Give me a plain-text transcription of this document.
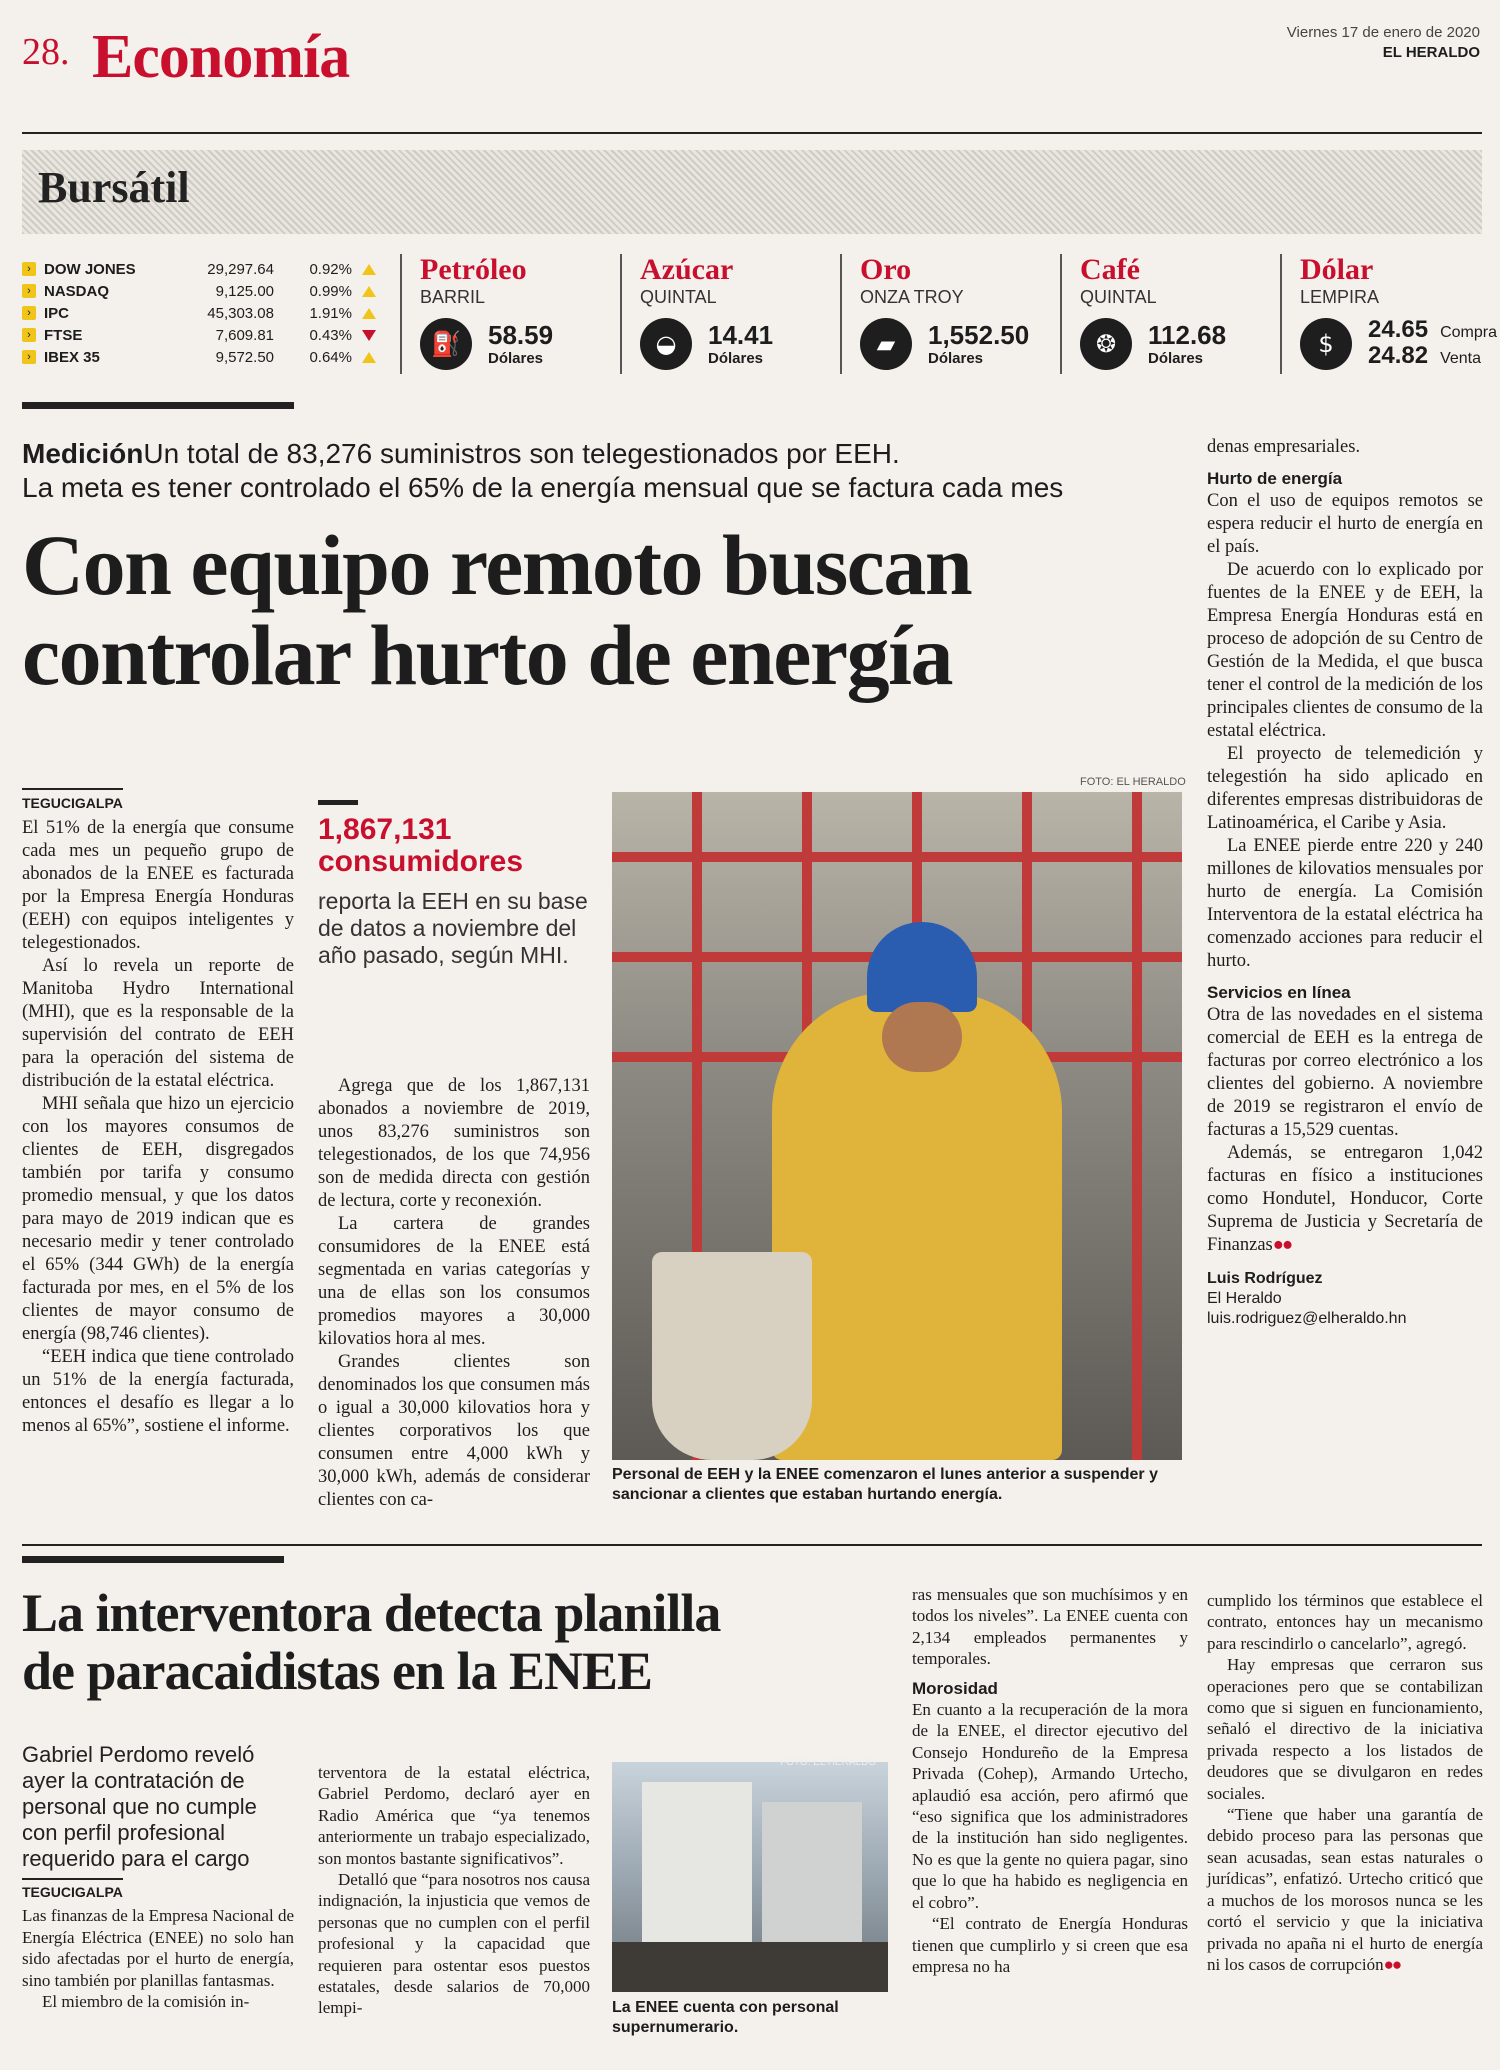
28. Economía	Viernes 17 de enero de 2020
EL HERALDO
Bursátil
› DOW JONES	29,297.64	0.92%
› NASDAQ	9,125.00	0.99%
› IPC	45,303.08	1.91%
› FTSE	7,609.81	0.43%
› IBEX 35	9,572.50	0.64%
Petróleo
BARRIL
⛽	58.59
Dólares
Azúcar
QUINTAL
◒	14.41
Dólares
Oro
ONZA TROY
▰	1,552.50
Dólares
Café
QUINTAL
❂	112.68
Dólares
Dólar
LEMPIRA
$
24.65 Compra
24.82 Venta
MediciónUn total de 83,276 suministros son telegestionados por EEH.
La meta es tener controlado el 65% de la energía mensual que se factura cada mes
Con equipo remoto buscan
controlar hurto de energía
TEGUCIGALPA

El 51% de la energía que consume cada mes un pequeño grupo de abonados de la ENEE es facturada por la Empresa Energía Honduras (EEH) con equipos inteligentes y telegestionados.

Así lo revela un reporte de Manitoba Hydro International (MHI), que es la responsable de la supervisión del contrato de EEH para la operación del sistema de distribución de la estatal eléctrica.

MHI señala que hizo un ejercicio con los mayores consumos de clientes de EEH, disgregados también por tarifa y consumo promedio mensual, y que los datos para mayo de 2019 indican que es necesario medir y tener controlado el 65% (344 GWh) de la energía facturada por mes, en el 5% de los clientes de mayor consumo de energía (98,746 clientes).

“EEH indica que tiene controlado un 51% de la energía facturada, entonces el desafío es llegar a lo menos al 65%”, sostiene el informe.

1,867,131 consumidores
reporta la EEH en su base de datos a noviembre del año pasado, según MHI.

Agrega que de los 1,867,131 abonados a noviembre de 2019, unos 83,276 suministros son telegestionados, de los que 74,956 son de medida directa con gestión de lectura, corte y reconexión.

La cartera de grandes consumidores de la ENEE está segmentada en varias categorías y una de ellas son los consumos promedios mayores a 30,000 kilovatios hora al mes.

Grandes clientes son denominados los que consumen más o igual a 30,000 kilovatios hora y clientes corporativos los que consumen entre 4,000 kWh y 30,000 kWh, además de considerar clientes con ca-

FOTO: EL HERALDO
Personal de EEH y la ENEE comenzaron el lunes anterior a suspender y sancionar a clientes que estaban hurtando energía.

denas empresariales.

Hurto de energía

Con el uso de equipos remotos se espera reducir el hurto de energía en el país.

De acuerdo con lo explicado por fuentes de la ENEE y de EEH, la Empresa Energía Honduras está en proceso de adopción de su Centro de Gestión de la Medida, el que busca tener el control de la medición de los principales clientes de consumo de la estatal eléctrica.

El proyecto de telemedición y telegestión ha sido aplicado en diferentes empresas distribuidoras de Latinoamérica, el Caribe y Asia.

La ENEE pierde entre 220 y 240 millones de kilovatios mensuales por hurto de energía. La Comisión Interventora de la estatal eléctrica ha comenzado acciones para reducir el hurto.

Servicios en línea

Otra de las novedades en el sistema comercial de EEH es la entrega de facturas por correo electrónico a los clientes del gobierno. A noviembre de 2019 se registraron el envío de facturas a 15,529 cuentas.

Además, se entregaron 1,042 facturas en físico a instituciones como Hondutel, Honducor, Corte Suprema de Justicia y Secretaría de Finanzas●●

Luis Rodríguez
El Heraldo
luis.rodriguez@elheraldo.hn
La interventora detecta planilla
de paracaidistas en la ENEE
Gabriel Perdomo reveló ayer la contratación de personal que no cumple con perfil profesional requerido para el cargo
TEGUCIGALPA

Las finanzas de la Empresa Nacional de Energía Eléctrica (ENEE) no solo han sido afectadas por el hurto de energía, sino también por planillas fantasmas.

El miembro de la comisión in-

terventora de la estatal eléctrica, Gabriel Perdomo, declaró ayer en Radio América que “ya tenemos anteriormente un trabajo especializado, son montos bastante significativos”.

Detalló que “para nosotros nos causa indignación, la injusticia que vemos de personas que no cumplen con el perfil profesional y la capacidad que requieren para ostentar esos puestos estatales, desde salarios de 70,000 lempi-

FOTO: EL HERALDO
La ENEE cuenta con personal supernumerario.

ras mensuales que son muchísimos y en todos los niveles”. La ENEE cuenta con 2,134 empleados permanentes y temporales.

Morosidad

En cuanto a la recuperación de la mora de la ENEE, el director ejecutivo del Consejo Hondureño de la Empresa Privada (Cohep), Armando Urtecho, aplaudió esa acción, pero afirmó que “eso significa que los administradores de la institución han sido negligentes. No es que la gente no quiera pagar, sino que lo que ha habido es negligencia en el cobro”.

“El contrato de Energía Honduras tienen que cumplirlo y si creen que esa empresa no ha

cumplido los términos que establece el contrato, entonces hay un mecanismo para rescindirlo o cancelarlo”, agregó.

Hay empresas que cerraron sus operaciones pero que se contabilizan como que si siguen en funcionamiento, señaló el directivo de la iniciativa privada respecto a los listados de deudores que se divulgaron en redes sociales.

“Tiene que haber una garantía de debido proceso para las personas que sean acusadas, sean estas naturales o jurídicas”, enfatizó. Urtecho criticó que a muchos de los morosos nunca se les cortó el servicio y que la iniciativa privada no apaña ni el hurto de energía ni los casos de corrupción●●
